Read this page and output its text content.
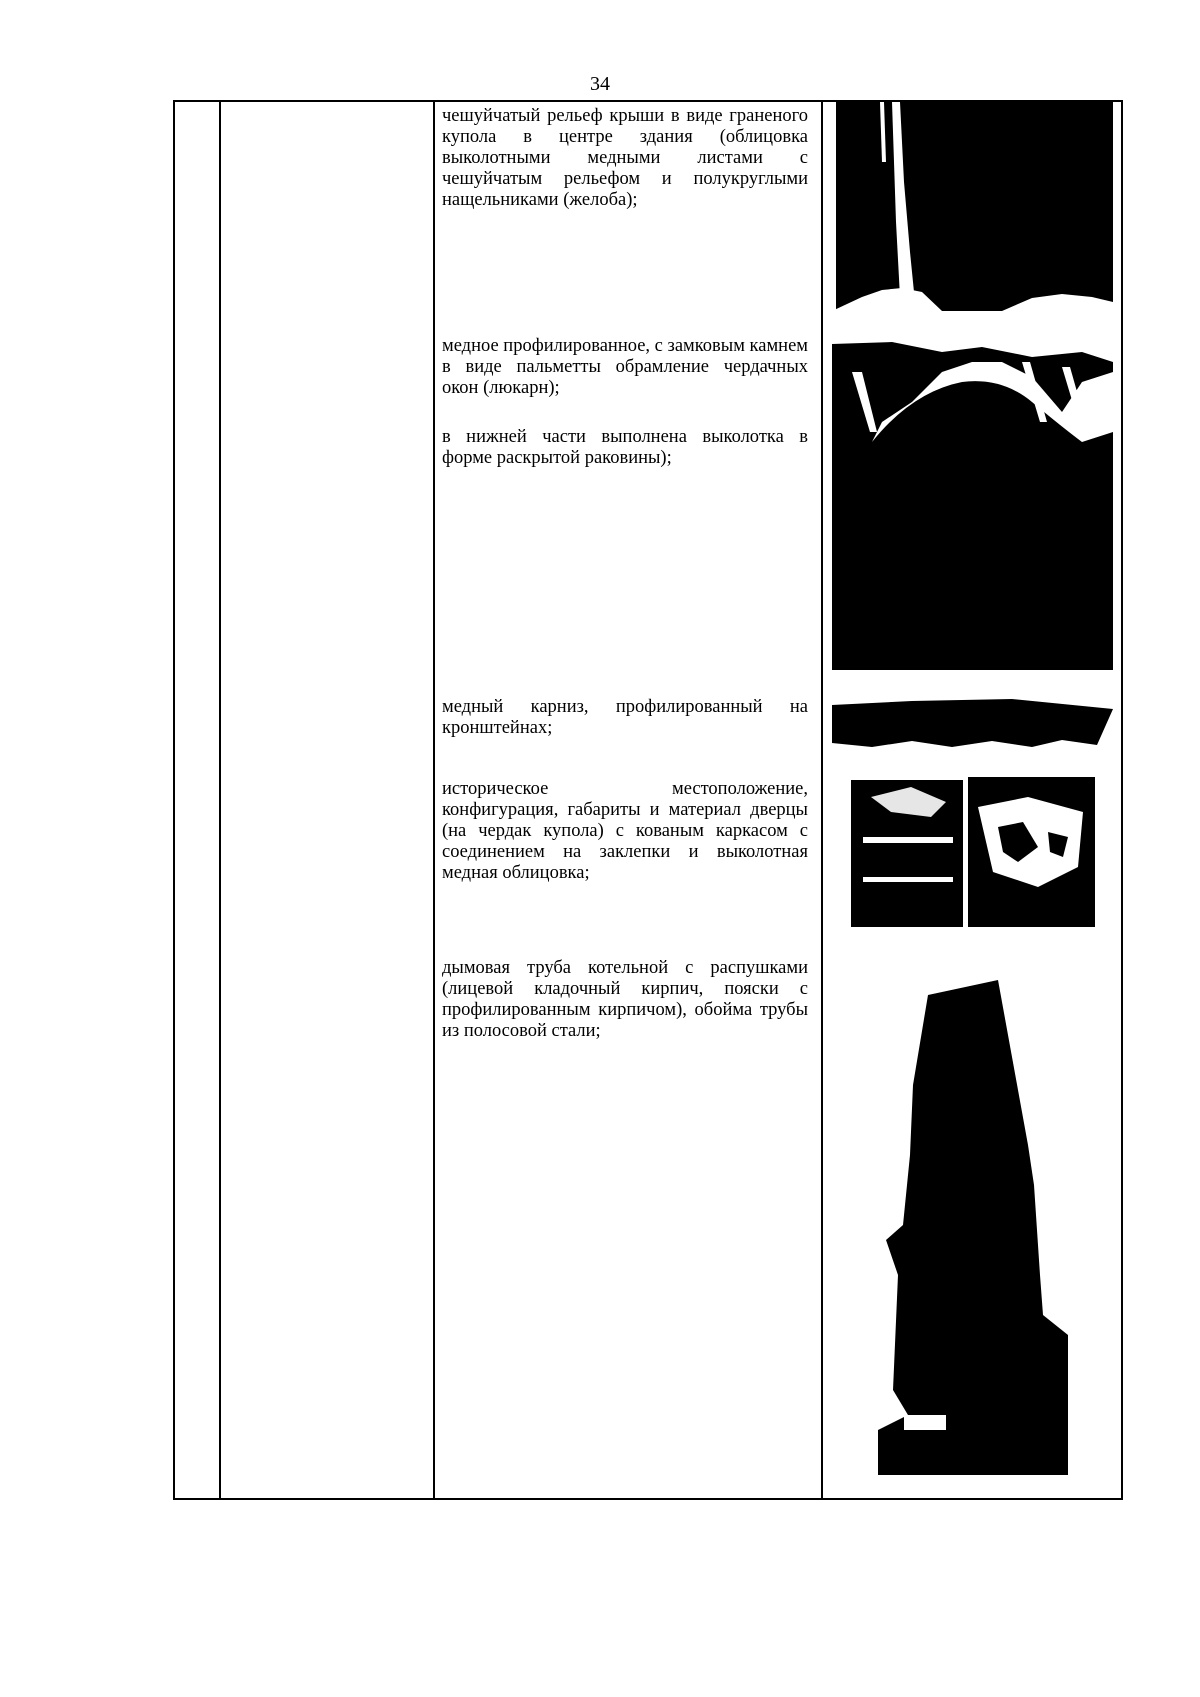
34

чешуйчатый рельеф крыши в виде граненого купола в центре здания (облицовка выколотными медными листами с чешуйчатым рельефом и полукруглыми нащельниками (желоба);

медное профилированное, с замковым камнем в виде пальметты обрамление чердачных окон (люкарн);

в нижней части выполнена выколотка в форме раскрытой раковины);

медный карниз, профилированный на кронштейнах;

историческое местоположение, конфигурация, габариты и материал дверцы (на чердак купола) с кованым каркасом с соединением на заклепки и выколотная медная облицовка;

дымовая труба котельной с распушками (лицевой кладочный кирпич, пояски с профилированным кирпичом), обойма трубы из полосовой стали;
